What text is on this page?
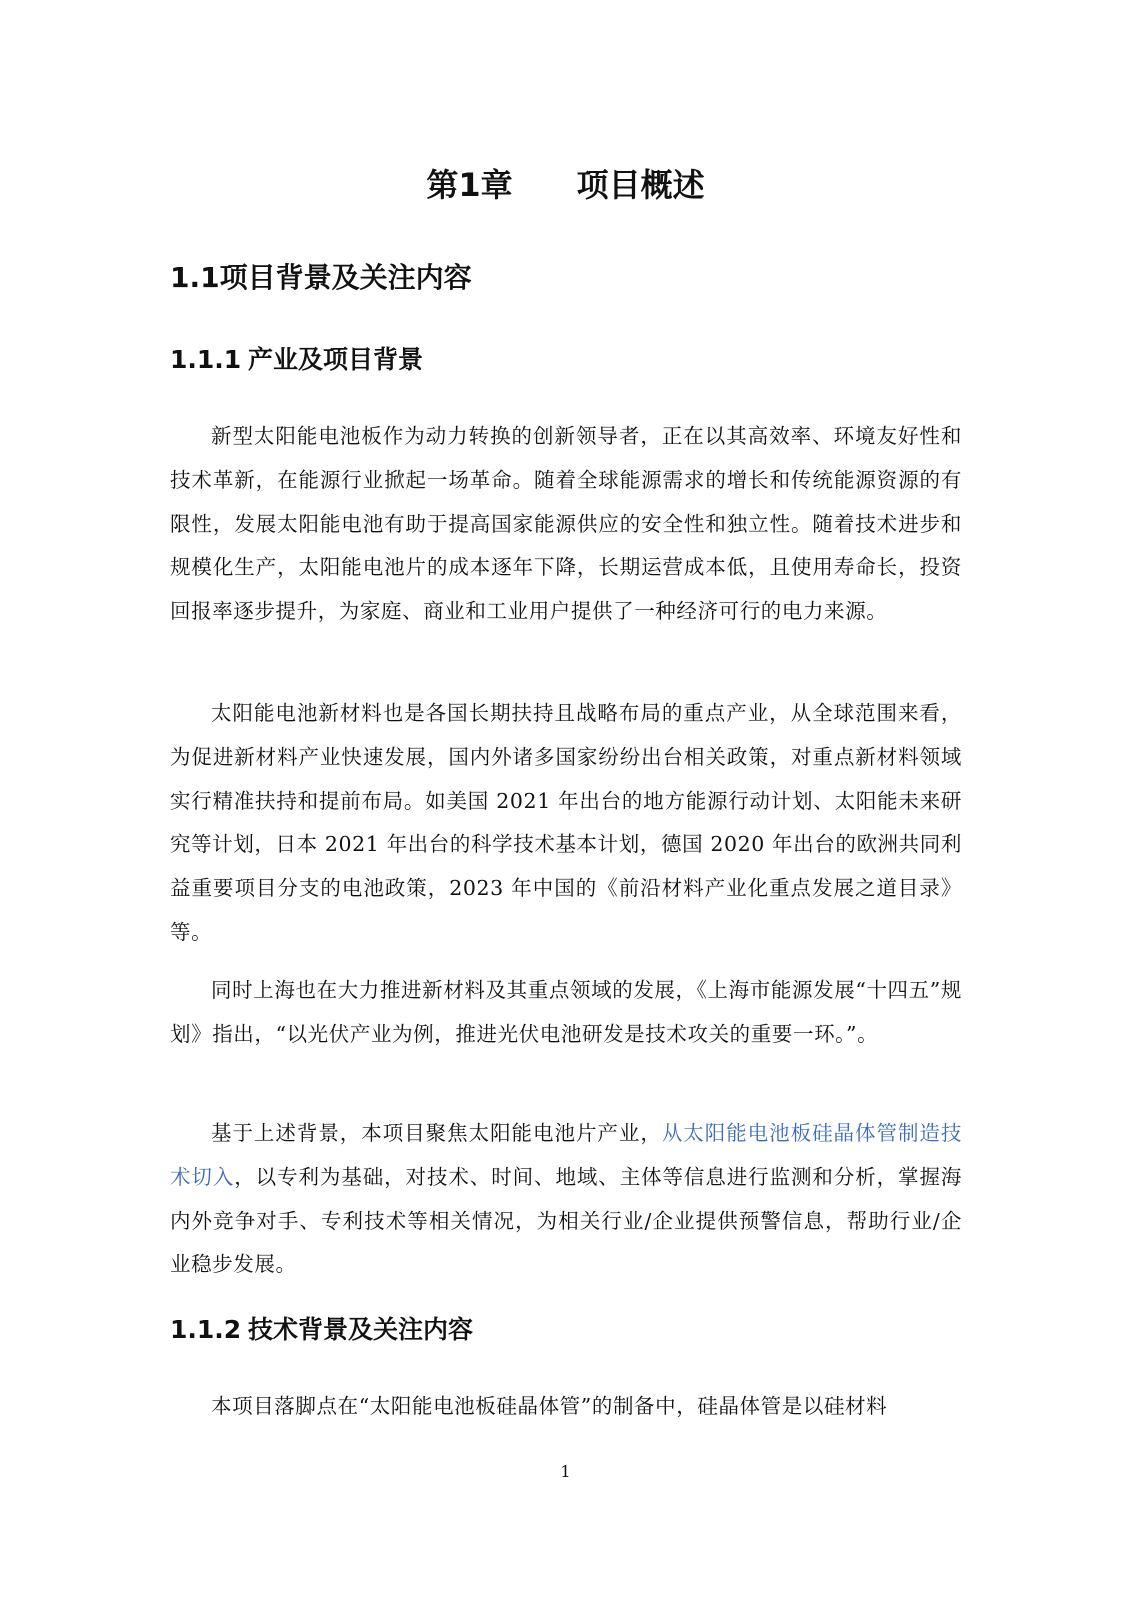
第1章　　项目概述
1.1项目背景及关注内容
1.1.1 产业及项目背景

新型太阳能电池板作为动力转换的创新领导者，正在以其高效率、环境友好性和技术革新，在能源行业掀起一场革命。随着全球能源需求的增长和传统能源资源的有限性，发展太阳能电池有助于提高国家能源供应的安全性和独立性。随着技术进步和规模化生产，太阳能电池片的成本逐年下降，长期运营成本低，且使用寿命长，投资回报率逐步提升，为家庭、商业和工业用户提供了一种经济可行的电力来源。

太阳能电池新材料也是各国长期扶持且战略布局的重点产业，从全球范围来看，为促进新材料产业快速发展，国内外诸多国家纷纷出台相关政策，对重点新材料领域实行精准扶持和提前布局。如美国 2021 年出台的地方能源行动计划、太阳能未来研究等计划，日本 2021 年出台的科学技术基本计划，德国 2020 年出台的欧洲共同利益重要项目分支的电池政策，2023 年中国的《前沿材料产业化重点发展之道目录》等。

同时上海也在大力推进新材料及其重点领域的发展，《上海市能源发展“十四五”规划》指出，“以光伏产业为例，推进光伏电池研发是技术攻关的重要一环。”。

基于上述背景，本项目聚焦太阳能电池片产业，从太阳能电池板硅晶体管制造技术切入，以专利为基础，对技术、时间、地域、主体等信息进行监测和分析，掌握海内外竞争对手、专利技术等相关情况，为相关行业/企业提供预警信息，帮助行业/企业稳步发展。

1.1.2 技术背景及关注内容

本项目落脚点在“太阳能电池板硅晶体管”的制备中，硅晶体管是以硅材料

1
